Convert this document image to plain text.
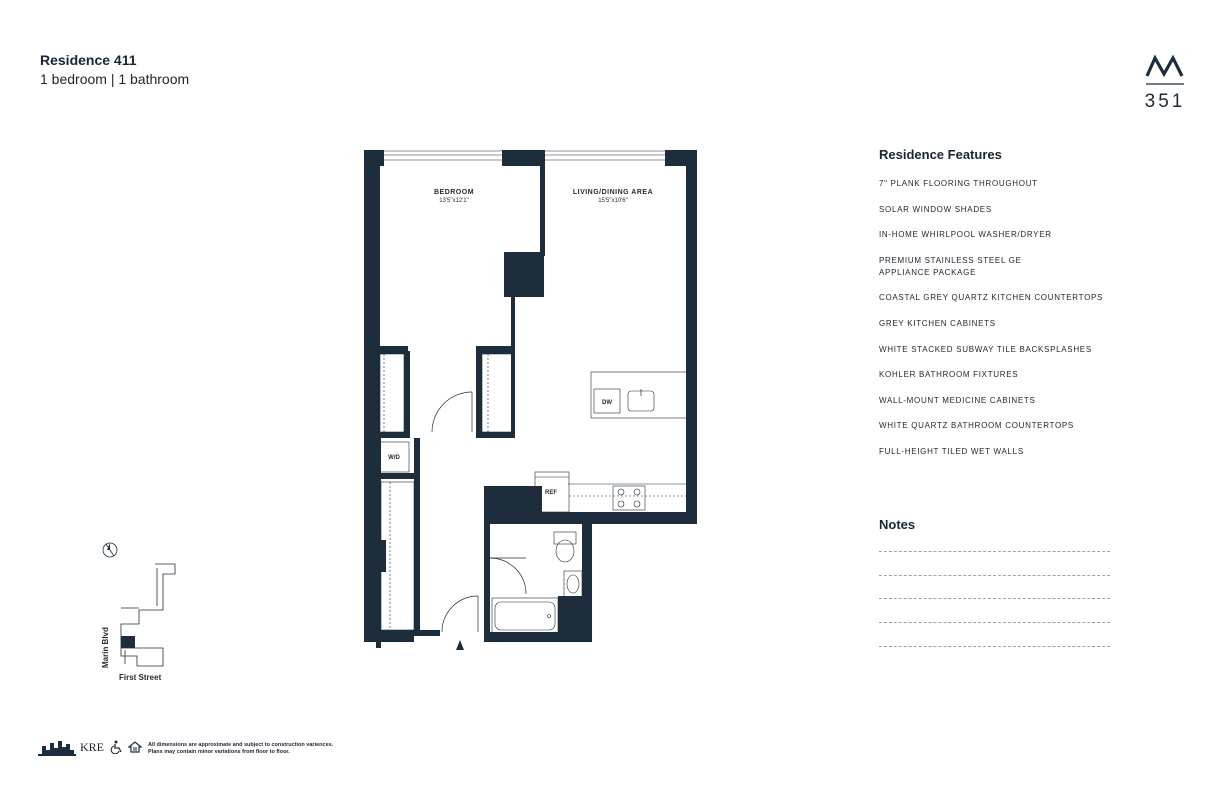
Residence 411
1 bedroom | 1 bathroom
351
Residence Features
7" PLANK FLOORING THROUGHOUT
SOLAR WINDOW SHADES
IN-HOME WHIRLPOOL WASHER/DRYER
PREMIUM STAINLESS STEEL GE
APPLIANCE PACKAGE
COASTAL GREY QUARTZ KITCHEN COUNTERTOPS
GREY KITCHEN CABINETS
WHITE STACKED SUBWAY TILE BACKSPLASHES
KOHLER BATHROOM FIXTURES
WALL-MOUNT MEDICINE CABINETS
WHITE QUARTZ BATHROOM COUNTERTOPS
FULL-HEIGHT TILED WET WALLS
Notes
W/D
DW
REF
BEDROOM
13'5"x12'1"
LIVING/DINING AREA
15'5"x10'6"
Marin Blvd
First Street
KRE	All dimensions are approximate and subject to construction variences.
Plans may contain minor variations from floor to floor.
